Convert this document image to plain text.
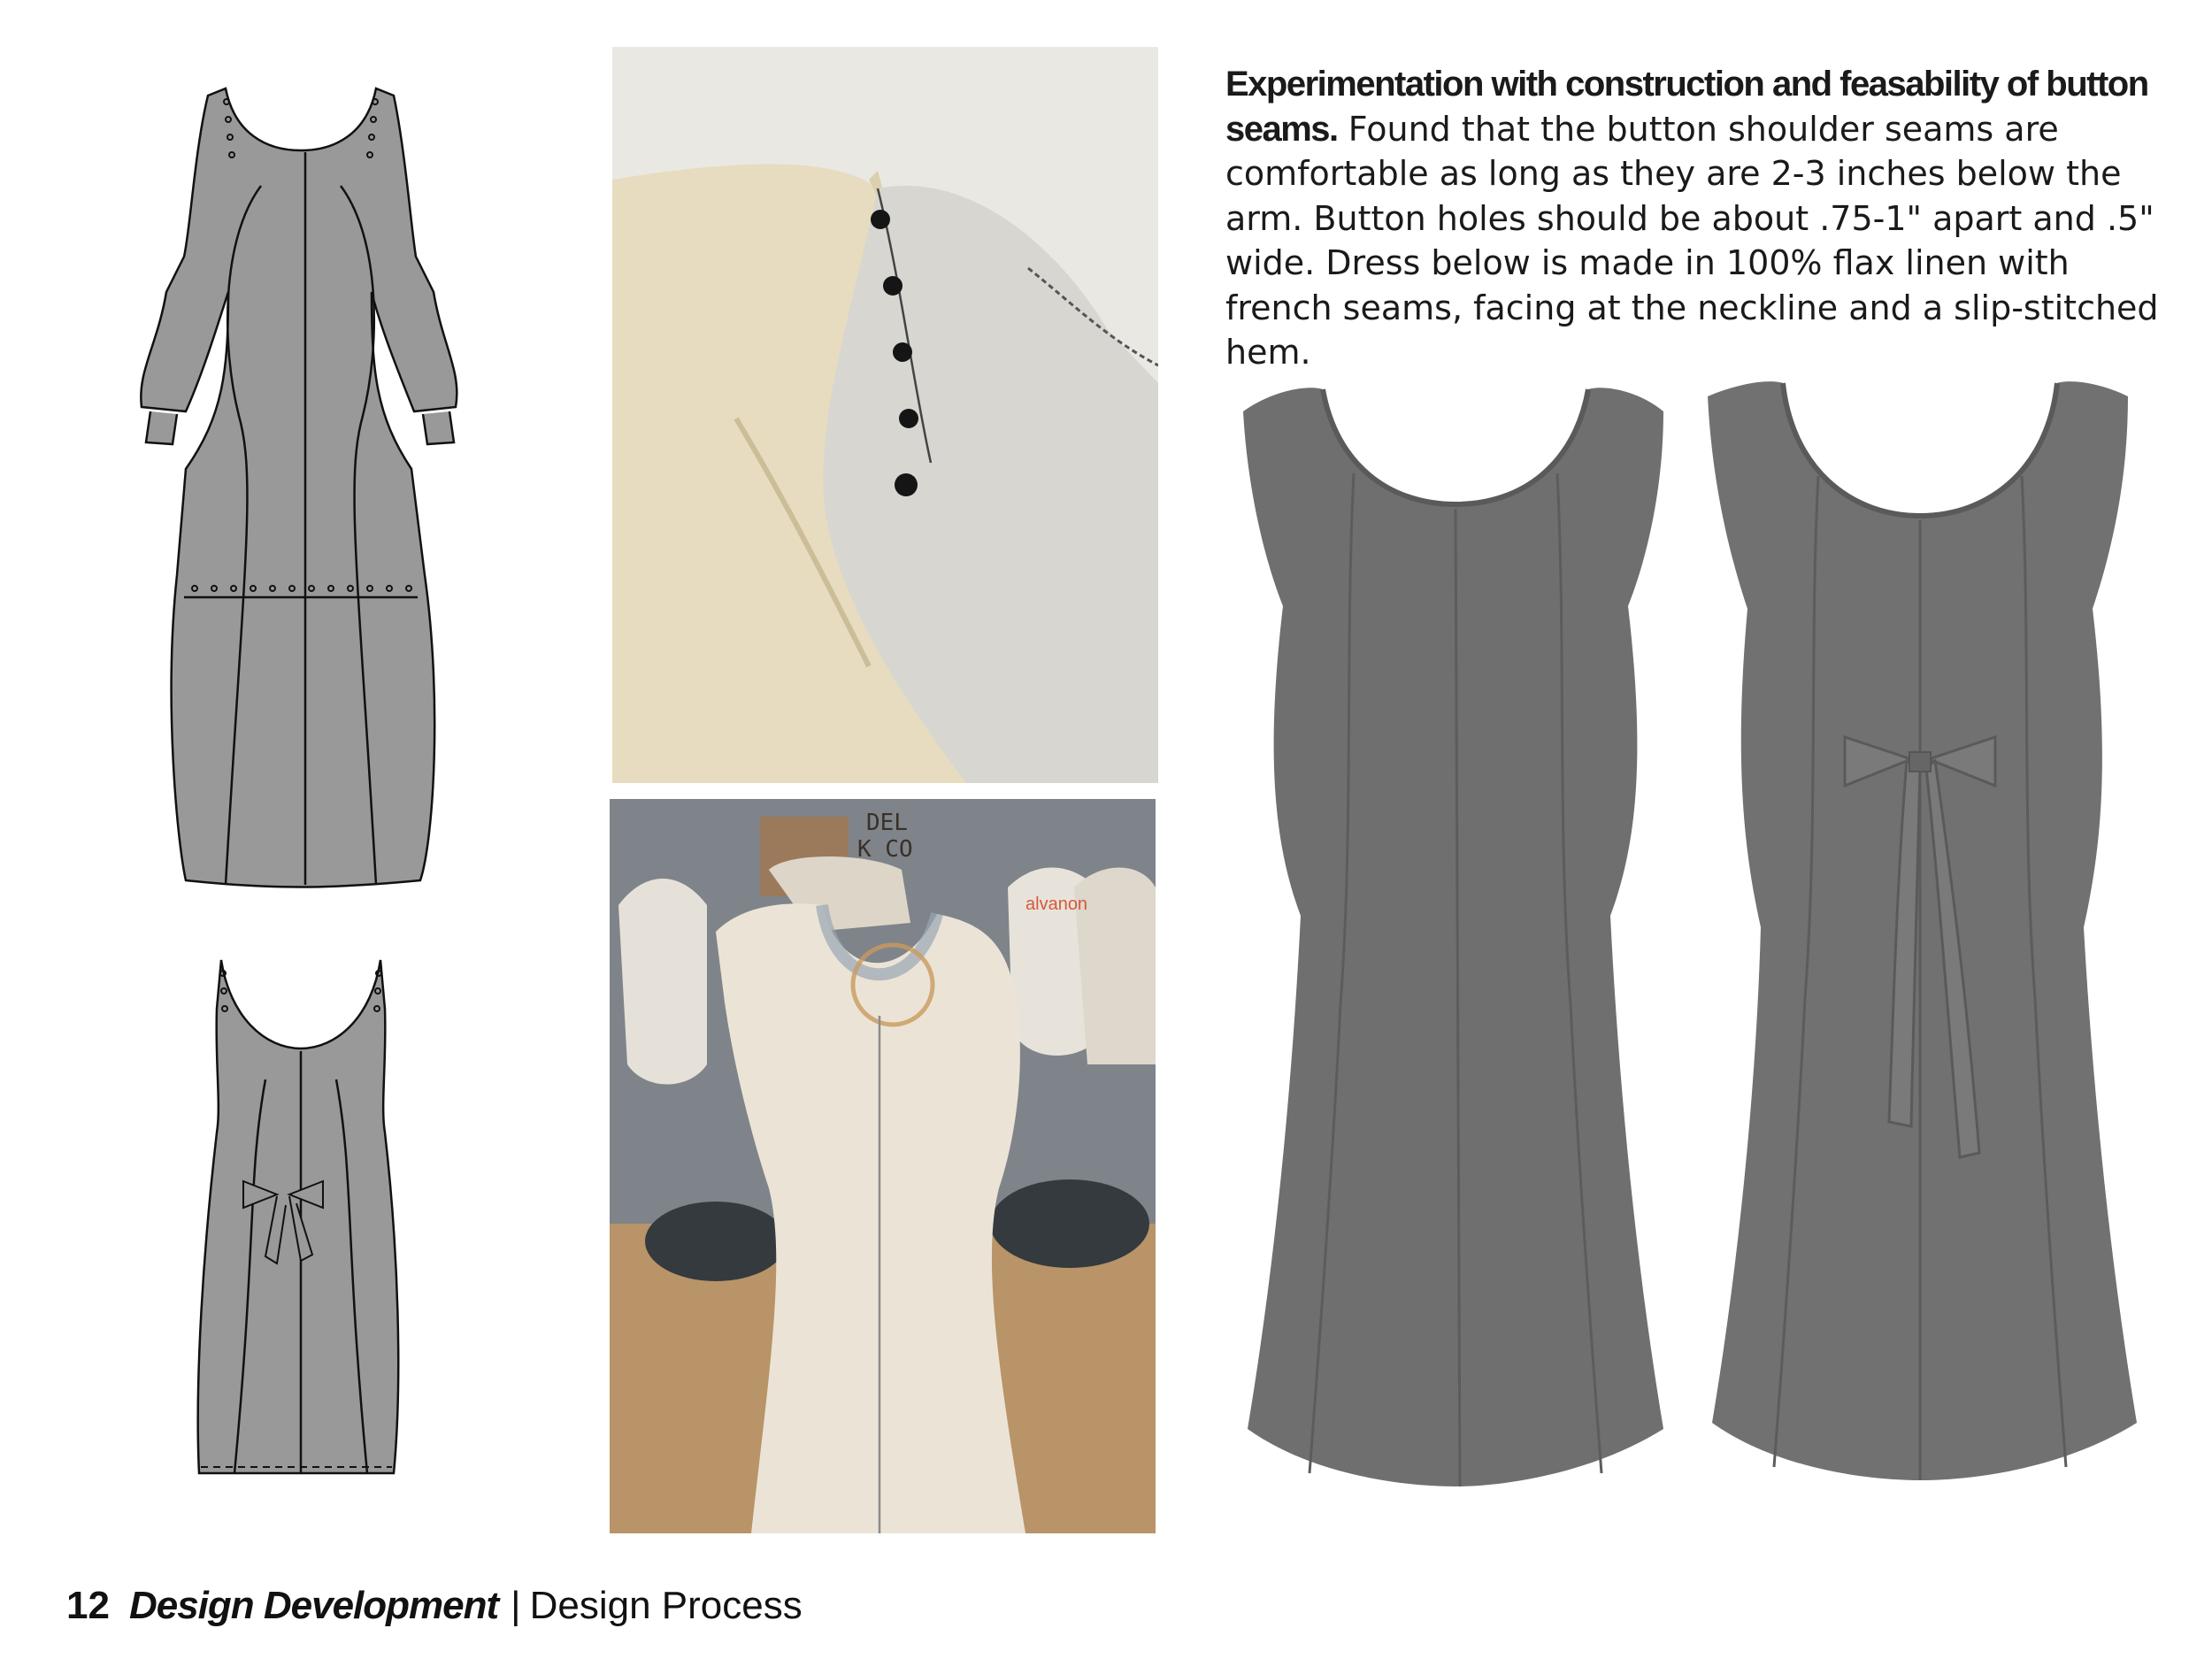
DEL
K CO
alvanon
Experimentation with construction and feasability of button seams. Found that the button shoulder seams are comfortable as long as they are 2-3 inches below the arm. Button holes should be about .75-1" apart and .5" wide. Dress below is made in 100% flax linen with french seams, facing at the neckline and a slip-stitched hem.
12 Design Development | Design Process
